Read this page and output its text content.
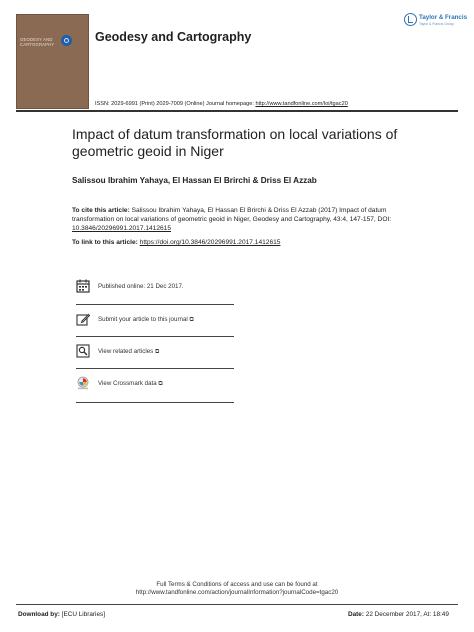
GEODESY AND CARTOGRAPHY
Geodesy and Cartography
Taylor & Francis
Taylor & Francis Group
ISSN: 2029-6991 (Print) 2029-7009 (Online) Journal homepage: http://www.tandfonline.com/loi/tgac20
Impact of datum transformation on local variations of geometric geoid in Niger
Salissou Ibrahim Yahaya, El Hassan El Brirchi & Driss El Azzab
To cite this article: Salissou Ibrahim Yahaya, El Hassan El Brirchi & Driss El Azzab (2017) Impact of datum transformation on local variations of geometric geoid in Niger, Geodesy and Cartography, 43:4, 147-157, DOI: 10.3846/20296991.2017.1412615
To link to this article: https://doi.org/10.3846/20296991.2017.1412615
Published online: 21 Dec 2017.
Submit your article to this journal ⧉
View related articles ⧉
View Crossmark data ⧉
Full Terms & Conditions of access and use can be found at
http://www.tandfonline.com/action/journalInformation?journalCode=tgac20
Download by: [ECU Libraries]	Date: 22 December 2017, At: 18:49
